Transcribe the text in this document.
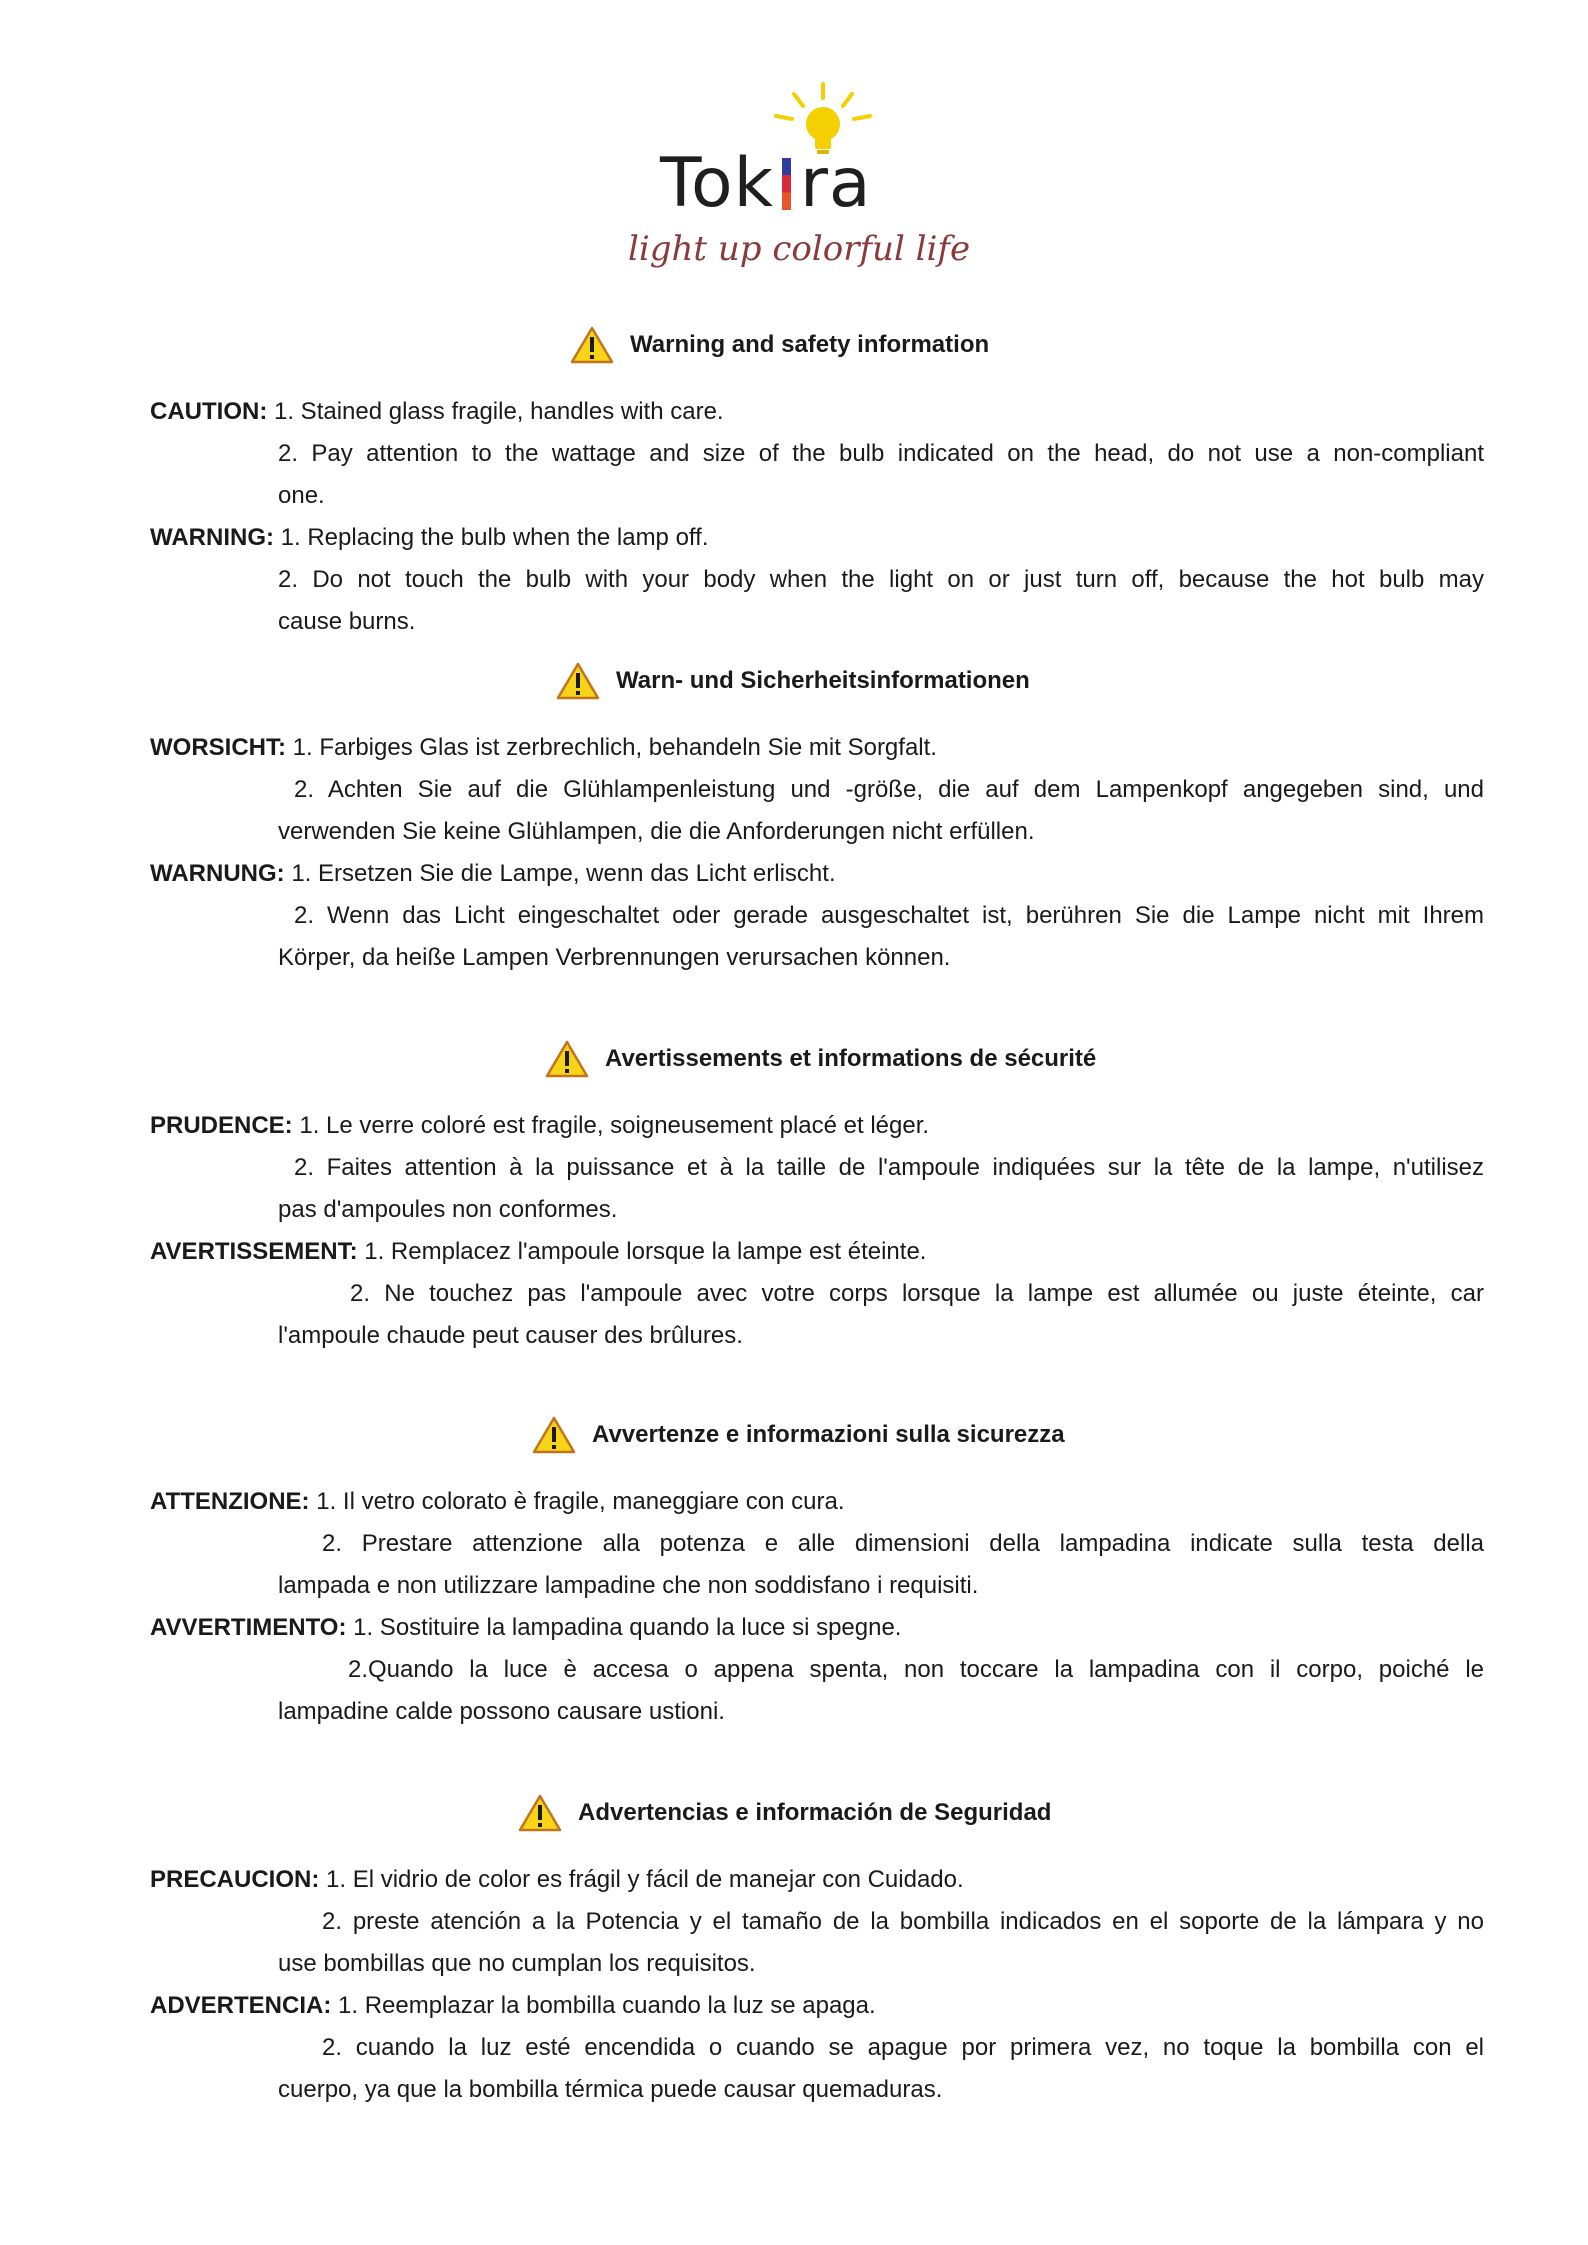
Tok ra
light up colorful life
Warning and safety information
CAUTION: 1. Stained glass fragile, handles with care.
2. Pay attention to the wattage and size of the bulb indicated on the head, do not use a non-compliant
one.
WARNING: 1. Replacing the bulb when the lamp off.
2. Do not touch the bulb with your body when the light on or just turn off, because the hot bulb may
cause burns.
Warn- und Sicherheitsinformationen
WORSICHT: 1. Farbiges Glas ist zerbrechlich, behandeln Sie mit Sorgfalt.
2. Achten Sie auf die Glühlampenleistung und -größe, die auf dem Lampenkopf angegeben sind, und
verwenden Sie keine Glühlampen, die die Anforderungen nicht erfüllen.
WARNUNG: 1. Ersetzen Sie die Lampe, wenn das Licht erlischt.
2. Wenn das Licht eingeschaltet oder gerade ausgeschaltet ist, berühren Sie die Lampe nicht mit Ihrem
Körper, da heiße Lampen Verbrennungen verursachen können.
Avertissements et informations de sécurité
PRUDENCE: 1. Le verre coloré est fragile, soigneusement placé et léger.
2. Faites attention à la puissance et à la taille de l'ampoule indiquées sur la tête de la lampe, n'utilisez
pas d'ampoules non conformes.
AVERTISSEMENT: 1. Remplacez l'ampoule lorsque la lampe est éteinte.
2. Ne touchez pas l'ampoule avec votre corps lorsque la lampe est allumée ou juste éteinte, car
l'ampoule chaude peut causer des brûlures.
Avvertenze e informazioni sulla sicurezza
ATTENZIONE: 1. Il vetro colorato è fragile, maneggiare con cura.
2. Prestare attenzione alla potenza e alle dimensioni della lampadina indicate sulla testa della
lampada e non utilizzare lampadine che non soddisfano i requisiti.
AVVERTIMENTO: 1. Sostituire la lampadina quando la luce si spegne.
2.Quando la luce è accesa o appena spenta, non toccare la lampadina con il corpo, poiché le
lampadine calde possono causare ustioni.
Advertencias e información de Seguridad
PRECAUCION: 1. El vidrio de color es frágil y fácil de manejar con Cuidado.
2. preste atención a la Potencia y el tamaño de la bombilla indicados en el soporte de la lámpara y no
use bombillas que no cumplan los requisitos.
ADVERTENCIA: 1. Reemplazar la bombilla cuando la luz se apaga.
2. cuando la luz esté encendida o cuando se apague por primera vez, no toque la bombilla con el
cuerpo, ya que la bombilla térmica puede causar quemaduras.
